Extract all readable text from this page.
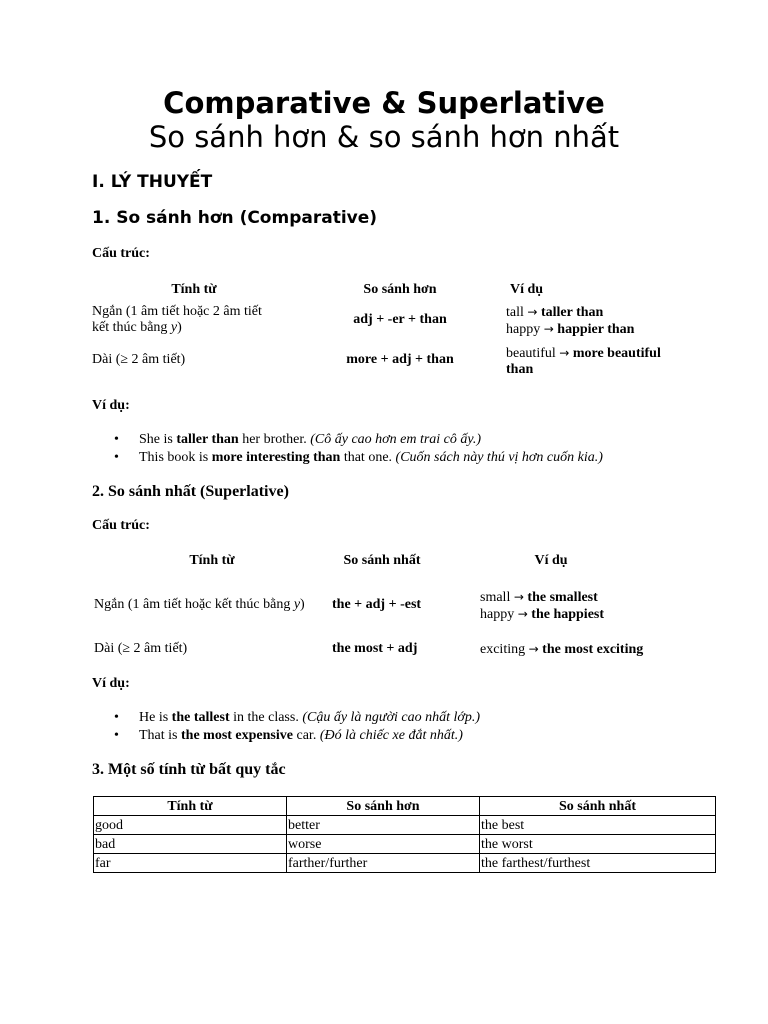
Comparative & Superlative
So sánh hơn & so sánh hơn nhất
I. LÝ THUYẾT
1. So sánh hơn (Comparative)
Cấu trúc:
Tính từ	So sánh hơn	Ví dụ
Ngắn (1 âm tiết hoặc 2 âm tiết
kết thúc bằng y)
adj + -er + than	tall → taller than
happy → happier than
Dài (≥ 2 âm tiết)	more + adj + than	beautiful → more beautiful
than
Ví dụ:
• She is taller than her brother. (Cô ấy cao hơn em trai cô ấy.)
• This book is more interesting than that one. (Cuốn sách này thú vị hơn cuốn kia.)
2. So sánh nhất (Superlative)
Cấu trúc:
Tính từ	So sánh nhất	Ví dụ
Ngắn (1 âm tiết hoặc kết thúc bằng y)	the + adj + -est	small → the smallest
happy → the happiest
Dài (≥ 2 âm tiết)	the most + adj	exciting → the most exciting
Ví dụ:
• He is the tallest in the class. (Cậu ấy là người cao nhất lớp.)
• That is the most expensive car. (Đó là chiếc xe đắt nhất.)
3. Một số tính từ bất quy tắc
Tính từ	So sánh hơn	So sánh nhất
good	better	the best
bad	worse	the worst
far	farther/further	the farthest/furthest
